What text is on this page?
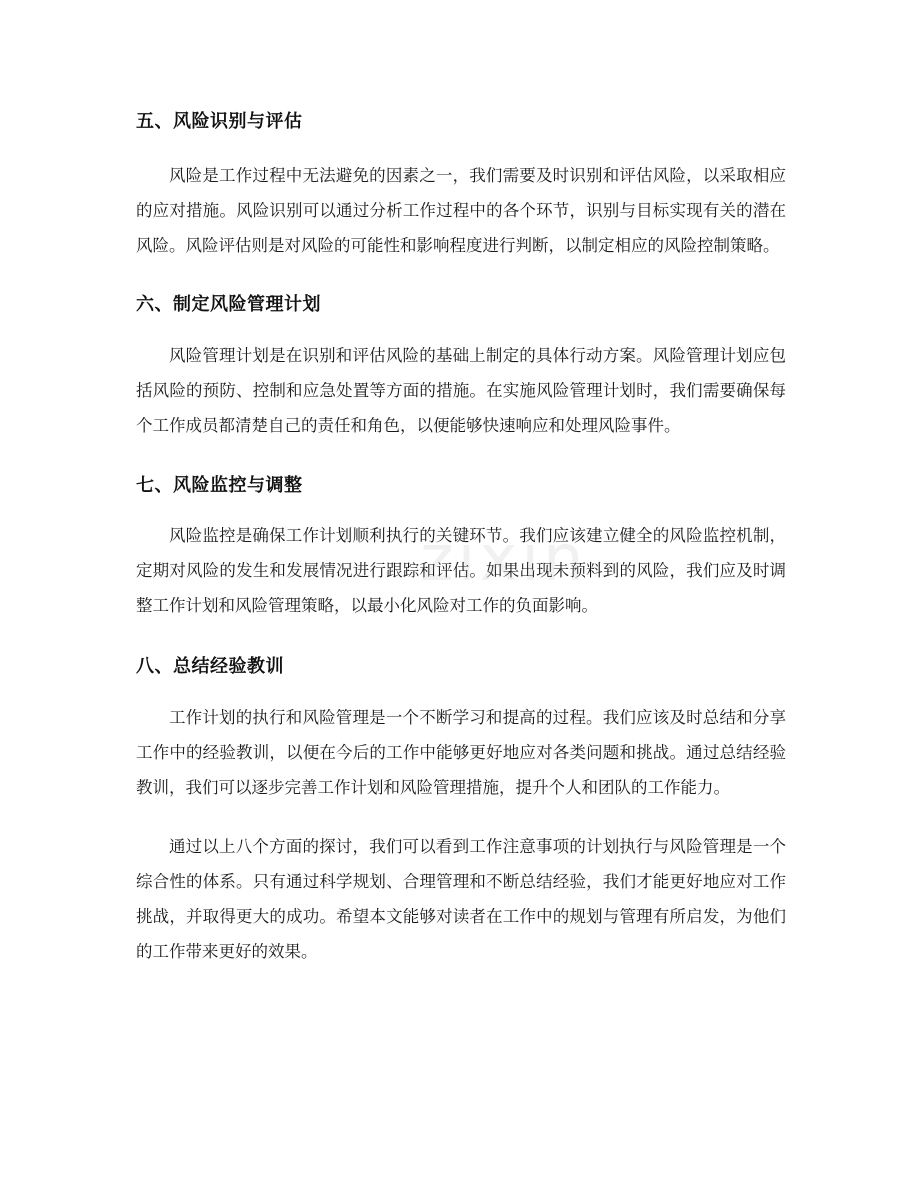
五、风险识别与评估

风险是工作过程中无法避免的因素之一，我们需要及时识别和评估风险，以采取相应的应对措施。风险识别可以通过分析工作过程中的各个环节，识别与目标实现有关的潜在风险。风险评估则是对风险的可能性和影响程度进行判断，以制定相应的风险控制策略。

六、制定风险管理计划

风险管理计划是在识别和评估风险的基础上制定的具体行动方案。风险管理计划应包括风险的预防、控制和应急处置等方面的措施。在实施风险管理计划时，我们需要确保每个工作成员都清楚自己的责任和角色，以便能够快速响应和处理风险事件。

七、风险监控与调整

风险监控是确保工作计划顺利执行的关键环节。我们应该建立健全的风险监控机制，定期对风险的发生和发展情况进行跟踪和评估。如果出现未预料到的风险，我们应及时调整工作计划和风险管理策略，以最小化风险对工作的负面影响。

八、总结经验教训

工作计划的执行和风险管理是一个不断学习和提高的过程。我们应该及时总结和分享工作中的经验教训，以便在今后的工作中能够更好地应对各类问题和挑战。通过总结经验教训，我们可以逐步完善工作计划和风险管理措施，提升个人和团队的工作能力。

通过以上八个方面的探讨，我们可以看到工作注意事项的计划执行与风险管理是一个综合性的体系。只有通过科学规划、合理管理和不断总结经验，我们才能更好地应对工作挑战，并取得更大的成功。希望本文能够对读者在工作中的规划与管理有所启发，为他们的工作带来更好的效果。

zixin
